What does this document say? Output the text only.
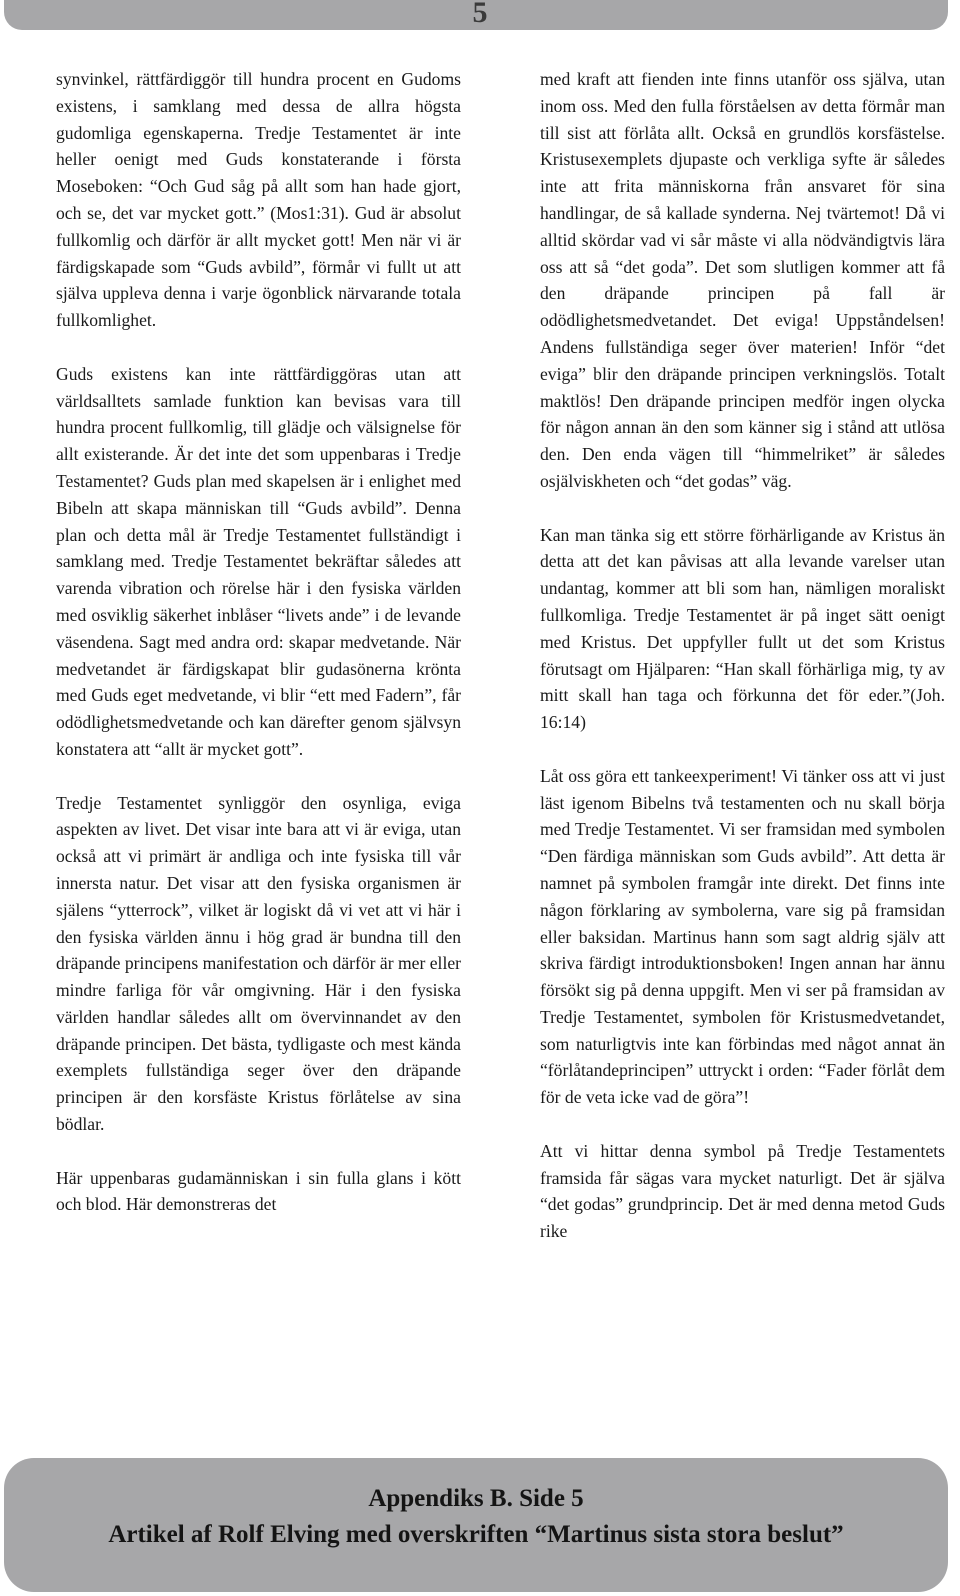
5

synvinkel, rättfärdiggör till hundra procent en Gudoms existens, i samklang med dessa de allra högsta gudomliga egenskaperna. Tredje Testamentet är inte heller oenigt med Guds konstaterande i första Moseboken: “Och Gud såg på allt som han hade gjort, och se, det var mycket gott.” (Mos1:31). Gud är absolut fullkomlig och därför är allt mycket gott! Men när vi är färdigskapade som “Guds avbild”, förmår vi fullt ut att själva uppleva denna i varje ögonblick närvarande totala fullkomlighet.

Guds existens kan inte rättfärdiggöras utan att världsalltets samlade funktion kan bevisas vara till hundra procent fullkomlig, till glädje och välsignelse för allt existerande. Är det inte det som uppenbaras i Tredje Testamentet? Guds plan med skapelsen är i enlighet med Bibeln att skapa människan till “Guds avbild”. Denna plan och detta mål är Tredje Testamentet fullständigt i samklang med. Tredje Testamentet bekräftar således att varenda vibration och rörelse här i den fysiska världen med osviklig säkerhet inblåser “livets ande” i de levande väsendena. Sagt med andra ord: skapar medvetande. När medvetandet är färdigskapat blir gudasönerna krönta med Guds eget medvetande, vi blir “ett med Fadern”, får odödlighetsmedvetande och kan därefter genom självsyn konstatera att “allt är mycket gott”.

Tredje Testamentet synliggör den osynliga, eviga aspekten av livet. Det visar inte bara att vi är eviga, utan också att vi primärt är andliga och inte fysiska till vår innersta natur. Det visar att den fysiska organismen är själens “ytterrock”, vilket är logiskt då vi vet att vi här i den fysiska världen ännu i hög grad är bundna till den dräpande principens manifestation och därför är mer eller mindre farliga för vår omgivning. Här i den fysiska världen handlar således allt om övervinnandet av den dräpande principen. Det bästa, tydligaste och mest kända exemplets fullständiga seger över den dräpande principen är den korsfäste Kristus förlåtelse av sina bödlar.

Här uppenbaras gudamänniskan i sin fulla glans i kött och blod. Här demonstreras det

med kraft att fienden inte finns utanför oss själva, utan inom oss. Med den fulla förståelsen av detta förmår man till sist att förlåta allt. Också en grundlös korsfästelse. Kristusexemplets djupaste och verkliga syfte är således inte att frita människorna från ansvaret för sina handlingar, de så kallade synderna. Nej tvärtemot! Då vi alltid skördar vad vi sår måste vi alla nödvändigtvis lära oss att så “det goda”. Det som slutligen kommer att få den dräpande principen på fall är odödlighetsmedvetandet. Det eviga! Uppståndelsen! Andens fullständiga seger över materien! Inför “det eviga” blir den dräpande principen verkningslös. Totalt maktlös! Den dräpande principen medför ingen olycka för någon annan än den som känner sig i stånd att utlösa den. Den enda vägen till “himmelriket” är således osjälviskheten och “det godas” väg.

Kan man tänka sig ett större förhärligande av Kristus än detta att det kan påvisas att alla levande varelser utan undantag, kommer att bli som han, nämligen moraliskt fullkomliga. Tredje Testamentet är på inget sätt oenigt med Kristus. Det uppfyller fullt ut det som Kristus förutsagt om Hjälparen: “Han skall förhärliga mig, ty av mitt skall han taga och förkunna det för eder.”(Joh. 16:14)

Låt oss göra ett tankeexperiment! Vi tänker oss att vi just läst igenom Bibelns två testamenten och nu skall börja med Tredje Testamentet. Vi ser framsidan med symbolen “Den färdiga människan som Guds avbild”. Att detta är namnet på symbolen framgår inte direkt. Det finns inte någon förklaring av symbolerna, vare sig på framsidan eller baksidan. Martinus hann som sagt aldrig själv att skriva färdigt introduktionsboken! Ingen annan har ännu försökt sig på denna uppgift. Men vi ser på framsidan av Tredje Testamentet, symbolen för Kristusmedvetandet, som naturligtvis inte kan förbindas med något annat än “förlåtandeprincipen” uttryckt i orden: “Fader förlåt dem för de veta icke vad de göra”!

Att vi hittar denna symbol på Tredje Testamentets framsida får sägas vara mycket naturligt. Det är själva “det godas” grundprincip. Det är med denna metod Guds rike

Appendiks B. Side 5
Artikel af Rolf Elving med overskriften “Martinus sista stora beslut”
